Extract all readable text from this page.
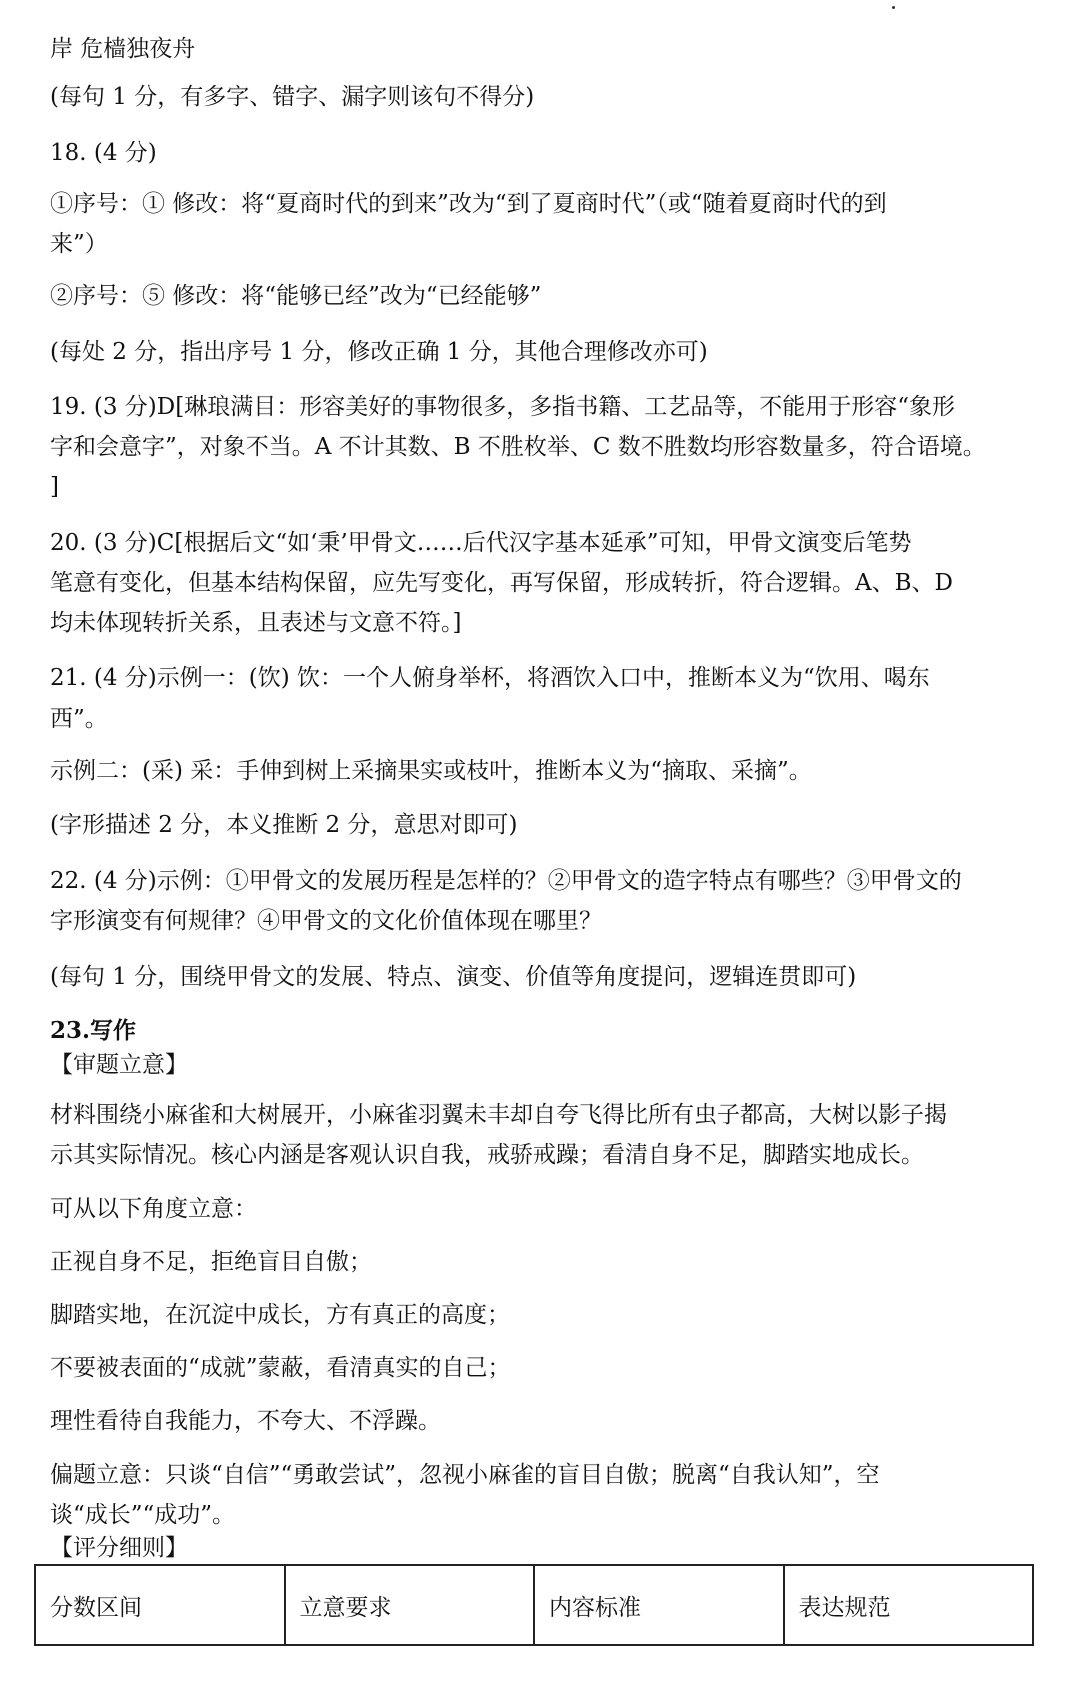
岸 危樯独夜舟
(每句 1 分，有多字、错字、漏字则该句不得分)
18. (4 分)
①序号：① 修改：将“夏商时代的到来”改为“到了夏商时代”（或“随着夏商时代的到
来”）
②序号：⑤ 修改：将“能够已经”改为“已经能够”
(每处 2 分，指出序号 1 分，修改正确 1 分，其他合理修改亦可)
19. (3 分)D[琳琅满目：形容美好的事物很多，多指书籍、工艺品等，不能用于形容“象形
字和会意字”，对象不当。A 不计其数、B 不胜枚举、C 数不胜数均形容数量多，符合语境。
]
20. (3 分)C[根据后文“如‘秉’甲骨文……后代汉字基本延承”可知，甲骨文演变后笔势
笔意有变化，但基本结构保留，应先写变化，再写保留，形成转折，符合逻辑。A、B、D
均未体现转折关系，且表述与文意不符。]
21. (4 分)示例一：(饮) 饮：一个人俯身举杯，将酒饮入口中，推断本义为“饮用、喝东
西”。
示例二：(采) 采：手伸到树上采摘果实或枝叶，推断本义为“摘取、采摘”。
(字形描述 2 分，本义推断 2 分，意思对即可)
22. (4 分)示例：①甲骨文的发展历程是怎样的？②甲骨文的造字特点有哪些？③甲骨文的
字形演变有何规律？④甲骨文的文化价值体现在哪里？
(每句 1 分，围绕甲骨文的发展、特点、演变、价值等角度提问，逻辑连贯即可)
23.写作
【审题立意】
材料围绕小麻雀和大树展开，小麻雀羽翼未丰却自夸飞得比所有虫子都高，大树以影子揭
示其实际情况。核心内涵是客观认识自我，戒骄戒躁；看清自身不足，脚踏实地成长。
可从以下角度立意：
正视自身不足，拒绝盲目自傲；
脚踏实地，在沉淀中成长，方有真正的高度；
不要被表面的“成就”蒙蔽，看清真实的自己；
理性看待自我能力，不夸大、不浮躁。
偏题立意：只谈“自信”“勇敢尝试”，忽视小麻雀的盲目自傲；脱离“自我认知”，空
谈“成长”“成功”。
【评分细则】
分数区间	立意要求	内容标准	表达规范
